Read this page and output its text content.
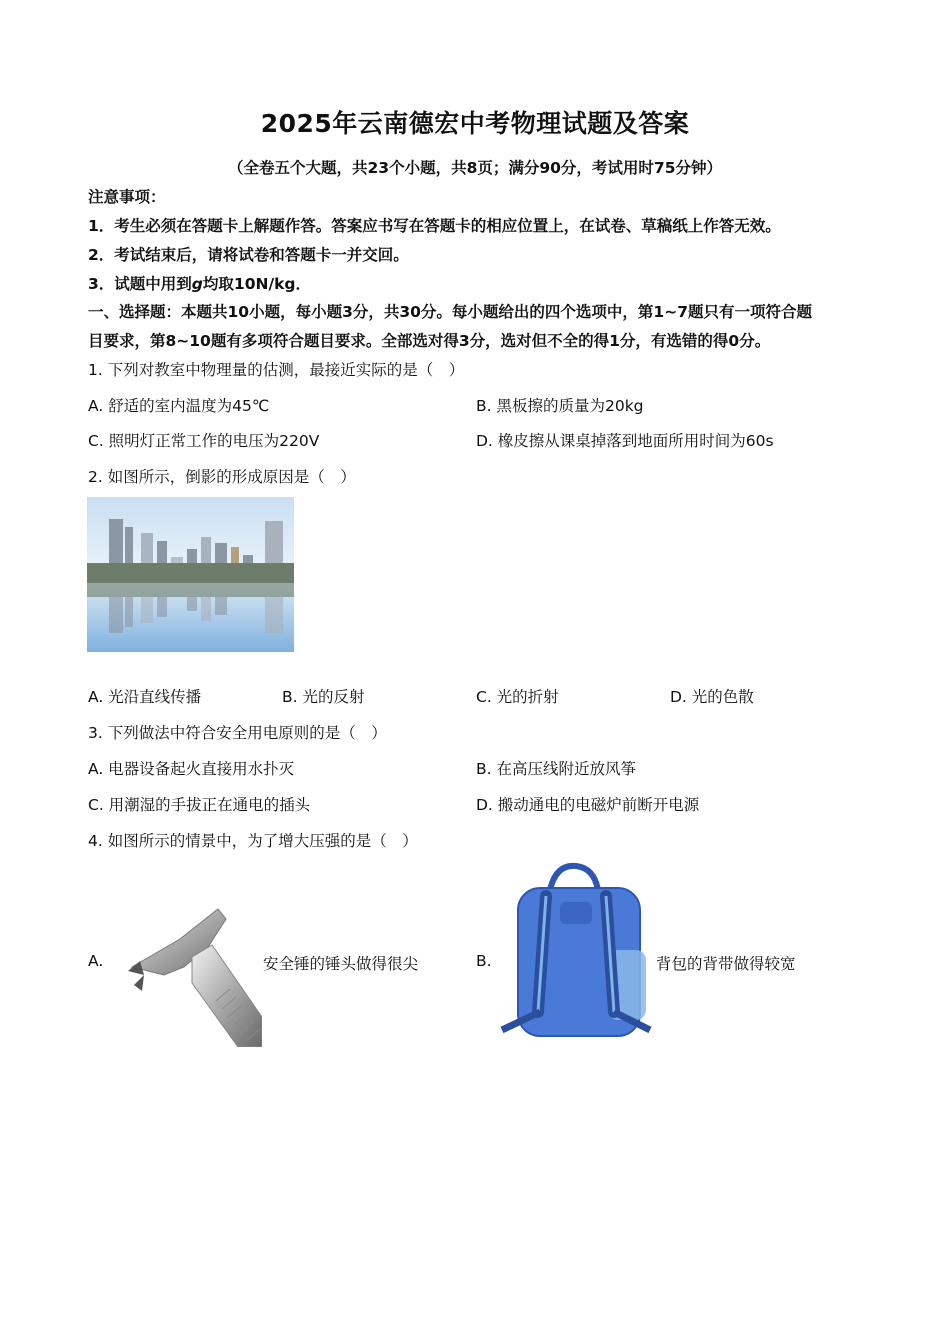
2025年云南德宏中考物理试题及答案
（全卷五个大题，共23个小题，共8页；满分90分，考试用时75分钟）
注意事项：
1．考生必须在答题卡上解题作答。答案应书写在答题卡的相应位置上，在试卷、草稿纸上作答无效。
2．考试结束后，请将试卷和答题卡一并交回。
3．试题中用到g均取10N/kg．
一、选择题：本题共10小题，每小题3分，共30分。每小题给出的四个选项中，第1~7题只有一项符合题
目要求，第8~10题有多项符合题目要求。全部选对得3分，选对但不全的得1分，有选错的得0分。
1. 下列对教室中物理量的估测，最接近实际的是（　）
A. 舒适的室内温度为45℃	B. 黑板擦的质量为20kg
C. 照明灯正常工作的电压为220V	D. 橡皮擦从课桌掉落到地面所用时间为60s
2. 如图所示，倒影的形成原因是（　）
A. 光沿直线传播	B. 光的反射	C. 光的折射	D. 光的色散
3. 下列做法中符合安全用电原则的是（　）
A. 电器设备起火直接用水扑灭	B. 在高压线附近放风筝
C. 用潮湿的手拔正在通电的插头	D. 搬动通电的电磁炉前断开电源
4. 如图所示的情景中，为了增大压强的是（　）
A.	安全锤的锤头做得很尖	B.	背包的背带做得较宽
